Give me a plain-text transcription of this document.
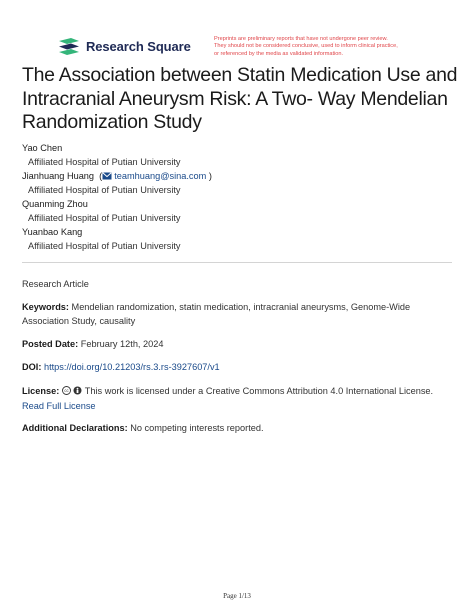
Research Square	Preprints are preliminary reports that have not undergone peer review.
They should not be considered conclusive, used to inform clinical practice,
or referenced by the media as validated information.
The Association between Statin Medication Use and Intracranial Aneurysm Risk: A Two- Way Mendelian Randomization Study
Yao Chen
Affiliated Hospital of Putian University
Jianhuang Huang  ( teamhuang@sina.com )
Affiliated Hospital of Putian University
Quanming Zhou
Affiliated Hospital of Putian University
Yuanbao Kang
Affiliated Hospital of Putian University
Research Article
Keywords: Mendelian randomization, statin medication, intracranial aneurysms, Genome-Wide Association Study, causality
Posted Date: February 12th, 2024
DOI: https://doi.org/10.21203/rs.3.rs-3927607/v1
License: cc This work is licensed under a Creative Commons Attribution 4.0 International License.
Read Full License
Additional Declarations: No competing interests reported.
Page 1/13
